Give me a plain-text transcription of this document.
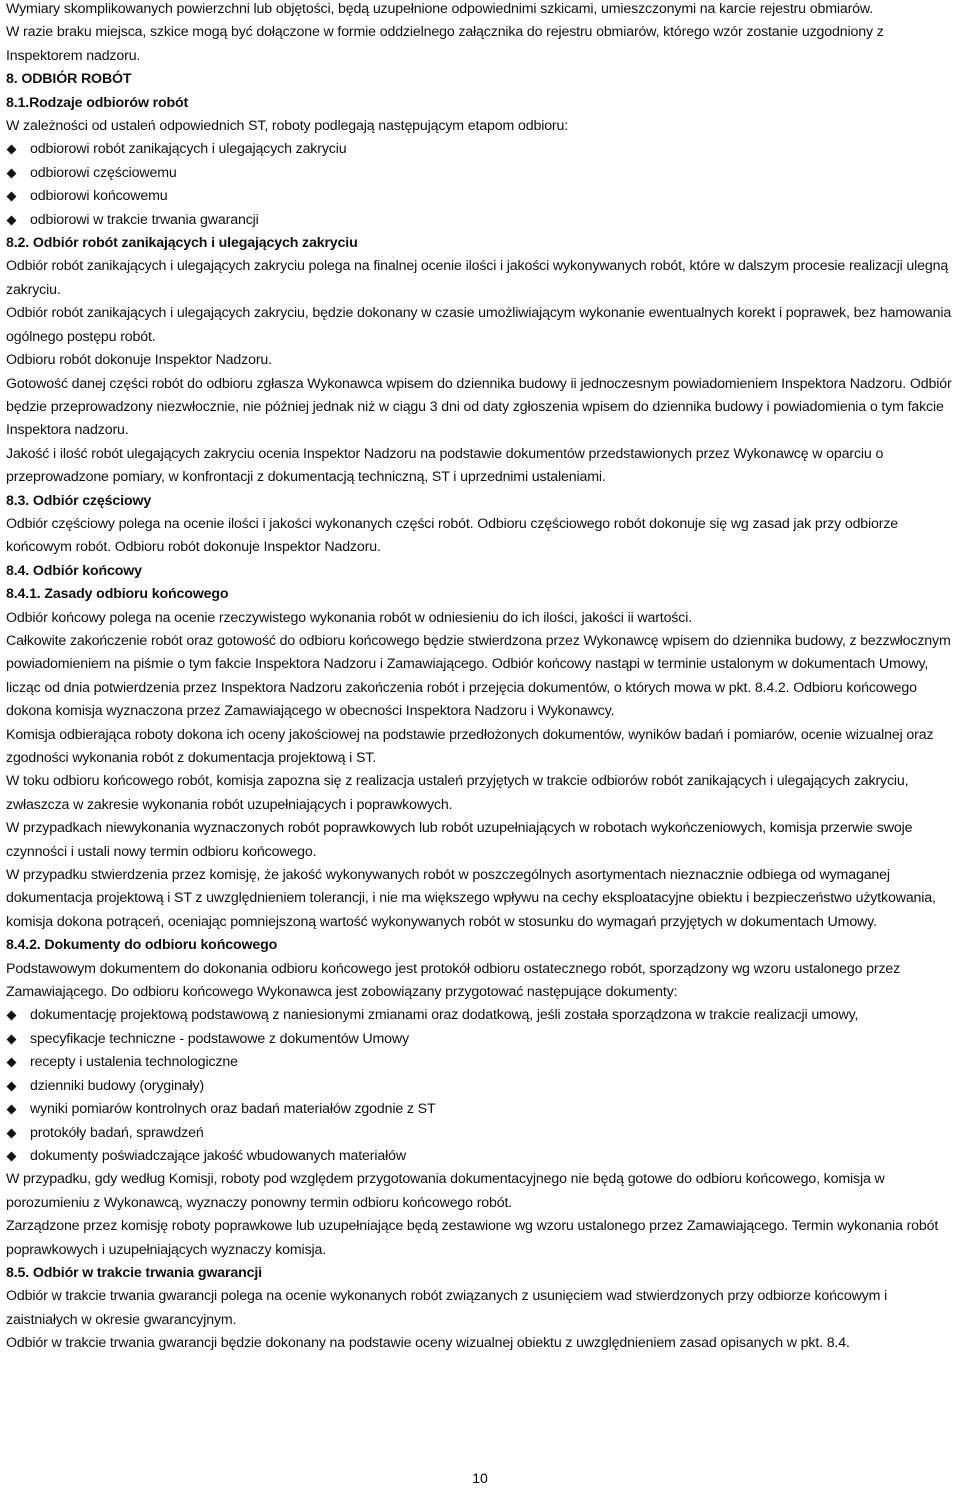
Wymiary skomplikowanych powierzchni lub objętości, będą uzupełnione odpowiednimi szkicami, umieszczonymi na karcie rejestru obmiarów.

W razie braku miejsca, szkice mogą być dołączone w formie oddzielnego załącznika do rejestru obmiarów, którego wzór zostanie uzgodniony z Inspektorem nadzoru.

8. ODBIÓR ROBÓT

8.1.Rodzaje odbiorów robót

W zależności od ustaleń odpowiednich ST, roboty podlegają następującym etapom odbioru:

odbiorowi robót zanikających i ulegających zakryciu
odbiorowi częściowemu
odbiorowi końcowemu
odbiorowi w trakcie trwania gwarancji

8.2. Odbiór robót zanikających i ulegających zakryciu

Odbiór robót zanikających i ulegających zakryciu polega na finalnej ocenie ilości i jakości wykonywanych robót, które w dalszym procesie realizacji ulegną zakryciu.

Odbiór robót zanikających i ulegających zakryciu, będzie dokonany w czasie umożliwiającym wykonanie ewentualnych korekt i poprawek, bez hamowania ogólnego postępu robót.

Odbioru robót dokonuje Inspektor Nadzoru.

Gotowość danej części robót do odbioru zgłasza Wykonawca wpisem do dziennika budowy ii jednoczesnym powiadomieniem Inspektora Nadzoru. Odbiór będzie przeprowadzony niezwłocznie, nie później jednak niż w ciągu 3 dni od daty zgłoszenia wpisem do dziennika budowy i powiadomienia o tym fakcie Inspektora nadzoru.

Jakość i ilość robót ulegających zakryciu ocenia Inspektor Nadzoru na podstawie dokumentów przedstawionych przez Wykonawcę w oparciu o przeprowadzone pomiary, w konfrontacji z dokumentacją techniczną, ST i uprzednimi ustaleniami.

8.3. Odbiór częściowy

Odbiór częściowy polega na ocenie ilości i jakości wykonanych części robót. Odbioru częściowego robót dokonuje się wg zasad jak przy odbiorze końcowym robót. Odbioru robót dokonuje Inspektor Nadzoru.

8.4. Odbiór końcowy

8.4.1. Zasady odbioru końcowego

Odbiór końcowy polega na ocenie rzeczywistego wykonania robót w odniesieniu do ich ilości, jakości ii wartości.

Całkowite zakończenie robót oraz gotowość do odbioru końcowego będzie stwierdzona przez Wykonawcę wpisem do dziennika budowy, z bezzwłocznym powiadomieniem na piśmie o tym fakcie Inspektora Nadzoru i Zamawiającego. Odbiór końcowy nastąpi w terminie ustalonym w dokumentach Umowy, licząc od dnia potwierdzenia przez Inspektora Nadzoru zakończenia robót i przejęcia dokumentów, o których mowa w pkt. 8.4.2. Odbioru końcowego dokona komisja wyznaczona przez Zamawiającego w obecności Inspektora Nadzoru i Wykonawcy.

Komisja odbierająca roboty dokona ich oceny jakościowej na podstawie przedłożonych dokumentów, wyników badań i pomiarów, ocenie wizualnej oraz zgodności wykonania robót z dokumentacja projektową i ST.

W toku odbioru końcowego robót, komisja zapozna się z realizacja ustaleń przyjętych w trakcie odbiorów robót zanikających i ulegających zakryciu, zwłaszcza w zakresie wykonania robót uzupełniających i poprawkowych.

W przypadkach niewykonania wyznaczonych robót poprawkowych lub robót uzupełniających w robotach wykończeniowych, komisja przerwie swoje czynności i ustali nowy termin odbioru końcowego.

W przypadku stwierdzenia przez komisję, że jakość wykonywanych robót w poszczególnych asortymentach nieznacznie odbiega od wymaganej dokumentacja projektową i ST z uwzględnieniem tolerancji, i nie ma większego wpływu na cechy eksploatacyjne obiektu i bezpieczeństwo użytkowania, komisja dokona potrąceń, oceniając pomniejszoną wartość wykonywanych robót w stosunku do wymagań przyjętych w dokumentach Umowy.

8.4.2. Dokumenty do odbioru końcowego

Podstawowym dokumentem do dokonania odbioru końcowego jest protokół odbioru ostatecznego robót, sporządzony wg wzoru ustalonego przez Zamawiającego. Do odbioru końcowego Wykonawca jest zobowiązany przygotować następujące dokumenty:

dokumentację projektową podstawową z naniesionymi zmianami oraz dodatkową, jeśli została sporządzona w trakcie realizacji umowy,
specyfikacje techniczne - podstawowe z dokumentów Umowy
recepty i ustalenia technologiczne
dzienniki budowy (oryginały)
wyniki pomiarów kontrolnych oraz badań materiałów zgodnie z ST
protokóły badań, sprawdzeń
dokumenty poświadczające jakość wbudowanych materiałów

W przypadku, gdy według Komisji, roboty pod względem przygotowania dokumentacyjnego nie będą gotowe do odbioru końcowego, komisja w porozumieniu z Wykonawcą, wyznaczy ponowny termin odbioru końcowego robót.

Zarządzone przez komisję roboty poprawkowe lub uzupełniające będą zestawione wg wzoru ustalonego przez Zamawiającego. Termin wykonania robót poprawkowych i uzupełniających wyznaczy komisja.

8.5. Odbiór w trakcie trwania gwarancji

Odbiór w trakcie trwania gwarancji polega na ocenie wykonanych robót związanych z usunięciem wad stwierdzonych przy odbiorze końcowym i zaistniałych w okresie gwarancyjnym.

Odbiór w trakcie trwania gwarancji będzie dokonany na podstawie oceny wizualnej obiektu z uwzględnieniem zasad opisanych w pkt. 8.4.

10
